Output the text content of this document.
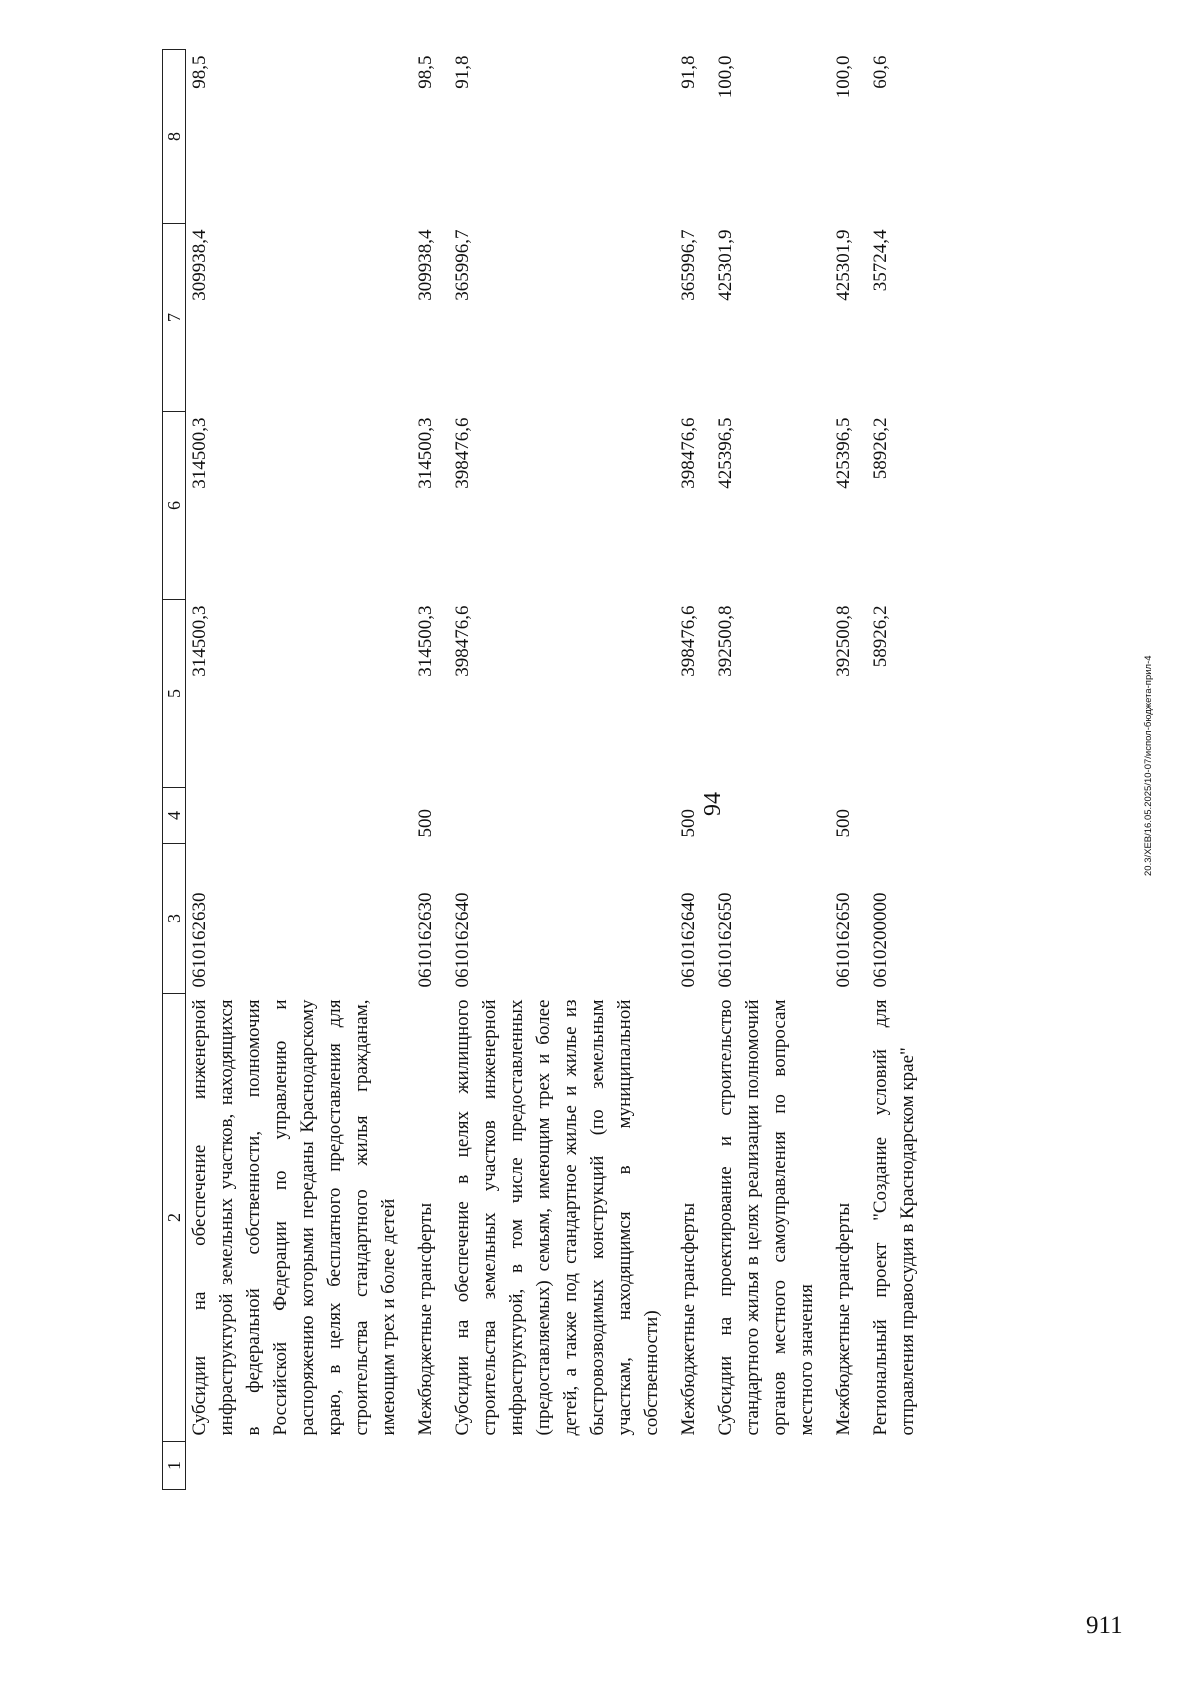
94
1	2	3	4	5	6	7	8
	Субсидии на обеспечение инженерной инфраструктурой земельных участков, находящихся в федеральной собственности, полномочия Российской Федерации по управлению и распоряжению которыми переданы Краснодарскому краю, в целях бесплатного предоставления для строительства стандартного жилья гражданам, имеющим трех и более детей	0610162630		314500,3	314500,3	309938,4	98,5
	Межбюджетные трансферты	0610162630	500	314500,3	314500,3	309938,4	98,5
	Субсидии на обеспечение в целях жилищного строительства земельных участков инженерной инфраструктурой, в том числе предоставленных (предоставляемых) семьям, имеющим трех и более детей, а также под стандартное жилье и жилье из быстровозводимых конструкций (по земельным участкам, находящимся в муниципальной собственности)	0610162640		398476,6	398476,6	365996,7	91,8
	Межбюджетные трансферты	0610162640	500	398476,6	398476,6	365996,7	91,8
	Субсидии на проектирование и строительство стандартного жилья в целях реализации полномочий органов местного самоуправления по вопросам местного значения	0610162650		392500,8	425396,5	425301,9	100,0
	Межбюджетные трансферты	0610162650	500	392500,8	425396,5	425301,9	100,0
	Региональный проект "Создание условий для отправления правосудия в Краснодарском крае"	0610200000		58926,2	58926,2	35724,4	60,6
20.3/XEB/16.05.2025/10-07/испол-бюджета-прил-4
911
